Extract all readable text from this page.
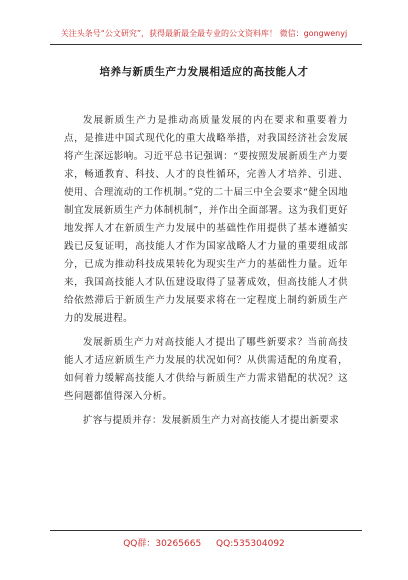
关注头条号“公文研究”，获得最新最全最专业的公文资料库！ 微信：gongwenyj
培养与新质生产力发展相适应的高技能人才

发展新质生产力是推动高质量发展的内在要求和重要着力点，是推进中国式现代化的重大战略举措，对我国经济社会发展将产生深远影响。习近平总书记强调：“要按照发展新质生产力要求，畅通教育、科技、人才的良性循环，完善人才培养、引进、使用、合理流动的工作机制。”党的二十届三中全会要求“健全因地制宜发展新质生产力体制机制”，并作出全面部署。这为我们更好地发挥人才在新质生产力发展中的基础性作用提供了基本遵循实践已反复证明，高技能人才作为国家战略人才力量的重要组成部分，已成为推动科技成果转化为现实生产力的基础性力量。近年来，我国高技能人才队伍建设取得了显著成效，但高技能人才供给依然滞后于新质生产力发展要求将在一定程度上制约新质生产力的发展进程。

发展新质生产力对高技能人才提出了哪些新要求？当前高技能人才适应新质生产力发展的状况如何？从供需适配的角度看，如何着力缓解高技能人才供给与新质生产力需求错配的状况？这些问题都值得深入分析。

扩容与提质并存：发展新质生产力对高技能人才提出新要求

QQ群：30265665 QQ:535304092
